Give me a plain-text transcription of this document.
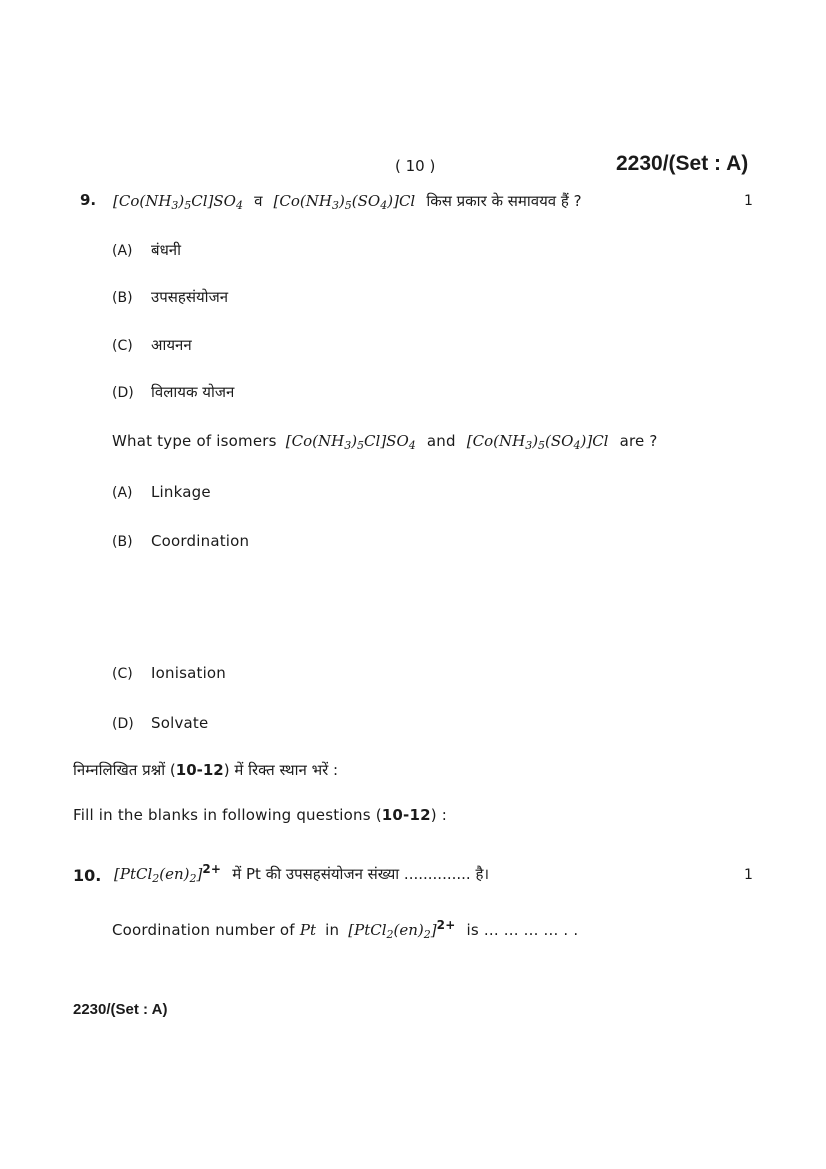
( 10 )	2230/(Set : A)
9. $[Co(NH_3)_5Cl]SO_4$ व $[Co(NH_3)_5(SO_4)]Cl$ किस प्रकार के समावयव हैं ?	1
(A) बंधनी
(B) उपसहसंयोजन
(C) आयनन
(D) विलायक योजन
What type of isomers $[Co(NH_3)_5Cl]SO_4$ and $[Co(NH_3)_5(SO_4)]Cl$ are ?
(A) Linkage
(B) Coordination
(C) Ionisation
(D) Solvate
निम्नलिखित प्रश्नों (10-12) में रिक्त स्थान भरें :
Fill in the blanks in following questions (10-12) :
10. $[PtCl_2(en)_2]^{2+}$ में Pt की उपसहसंयोजन संख्या .............. है।	1
Coordination number of Pt in $[PtCl_2(en)_2]^{2+}$ is ... ... ... ... . .
2230/(Set : A)
